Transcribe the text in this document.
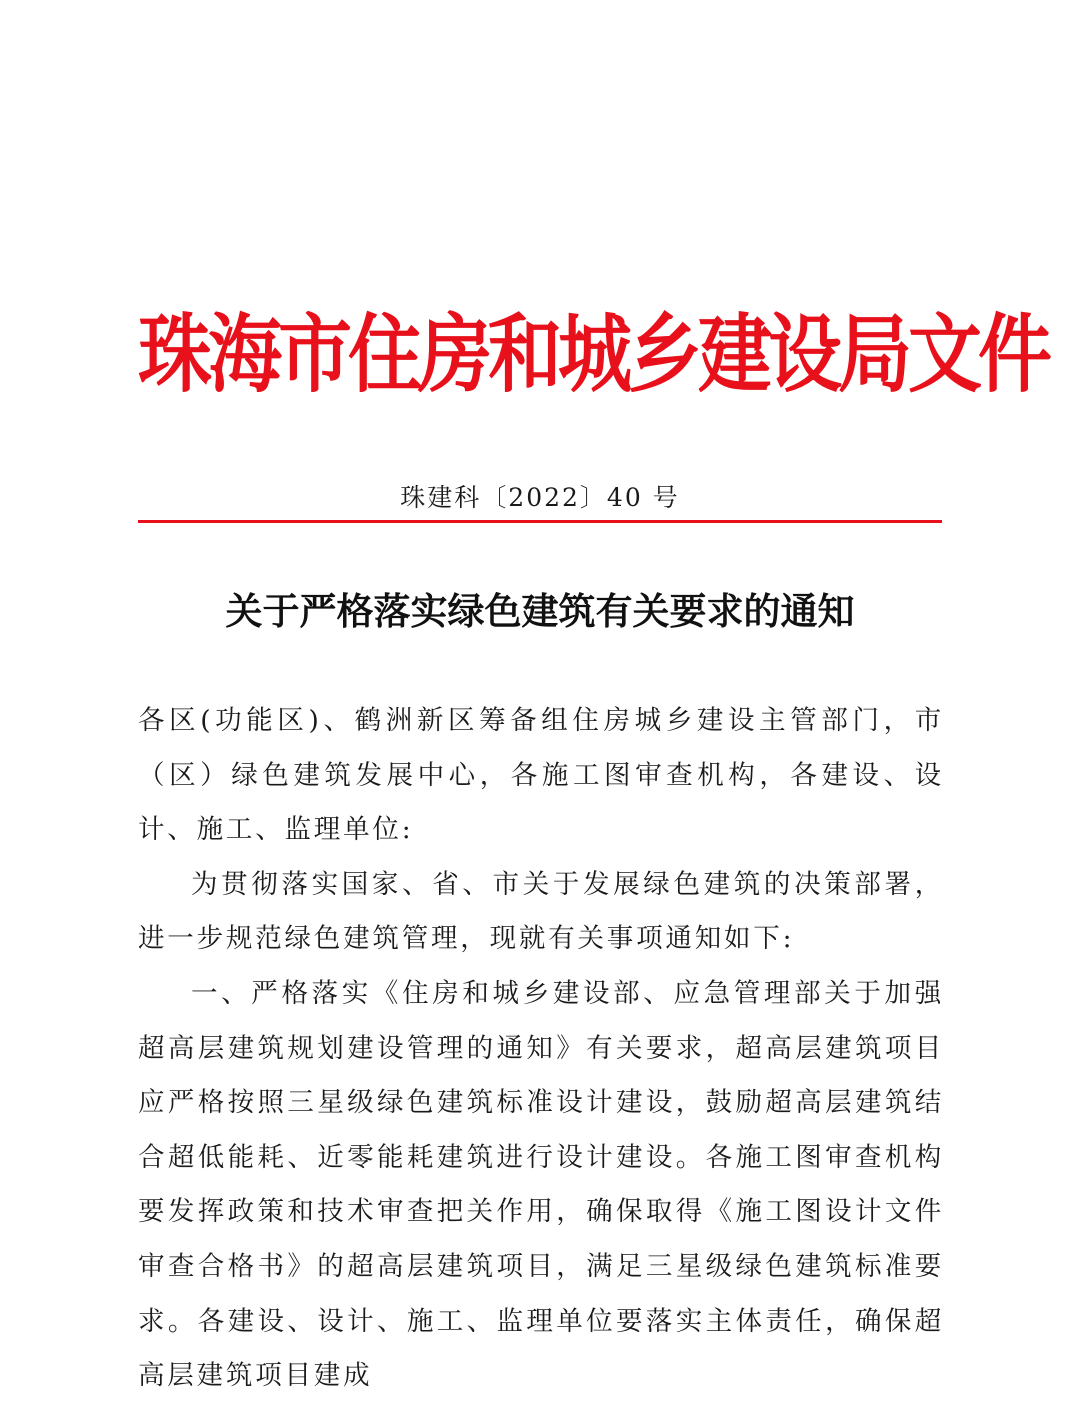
珠海市住房和城乡建设局文件
珠建科〔2022〕40 号
关于严格落实绿色建筑有关要求的通知

各区(功能区)、鹤洲新区筹备组住房城乡建设主管部门，市（区）绿色建筑发展中心，各施工图审查机构，各建设、设计、施工、监理单位:

为贯彻落实国家、省、市关于发展绿色建筑的决策部署，进一步规范绿色建筑管理，现就有关事项通知如下:

一、严格落实《住房和城乡建设部、应急管理部关于加强超高层建筑规划建设管理的通知》有关要求，超高层建筑项目应严格按照三星级绿色建筑标准设计建设，鼓励超高层建筑结合超低能耗、近零能耗建筑进行设计建设。各施工图审查机构要发挥政策和技术审查把关作用，确保取得《施工图设计文件审查合格书》的超高层建筑项目，满足三星级绿色建筑标准要求。各建设、设计、施工、监理单位要落实主体责任，确保超高层建筑项目建成
